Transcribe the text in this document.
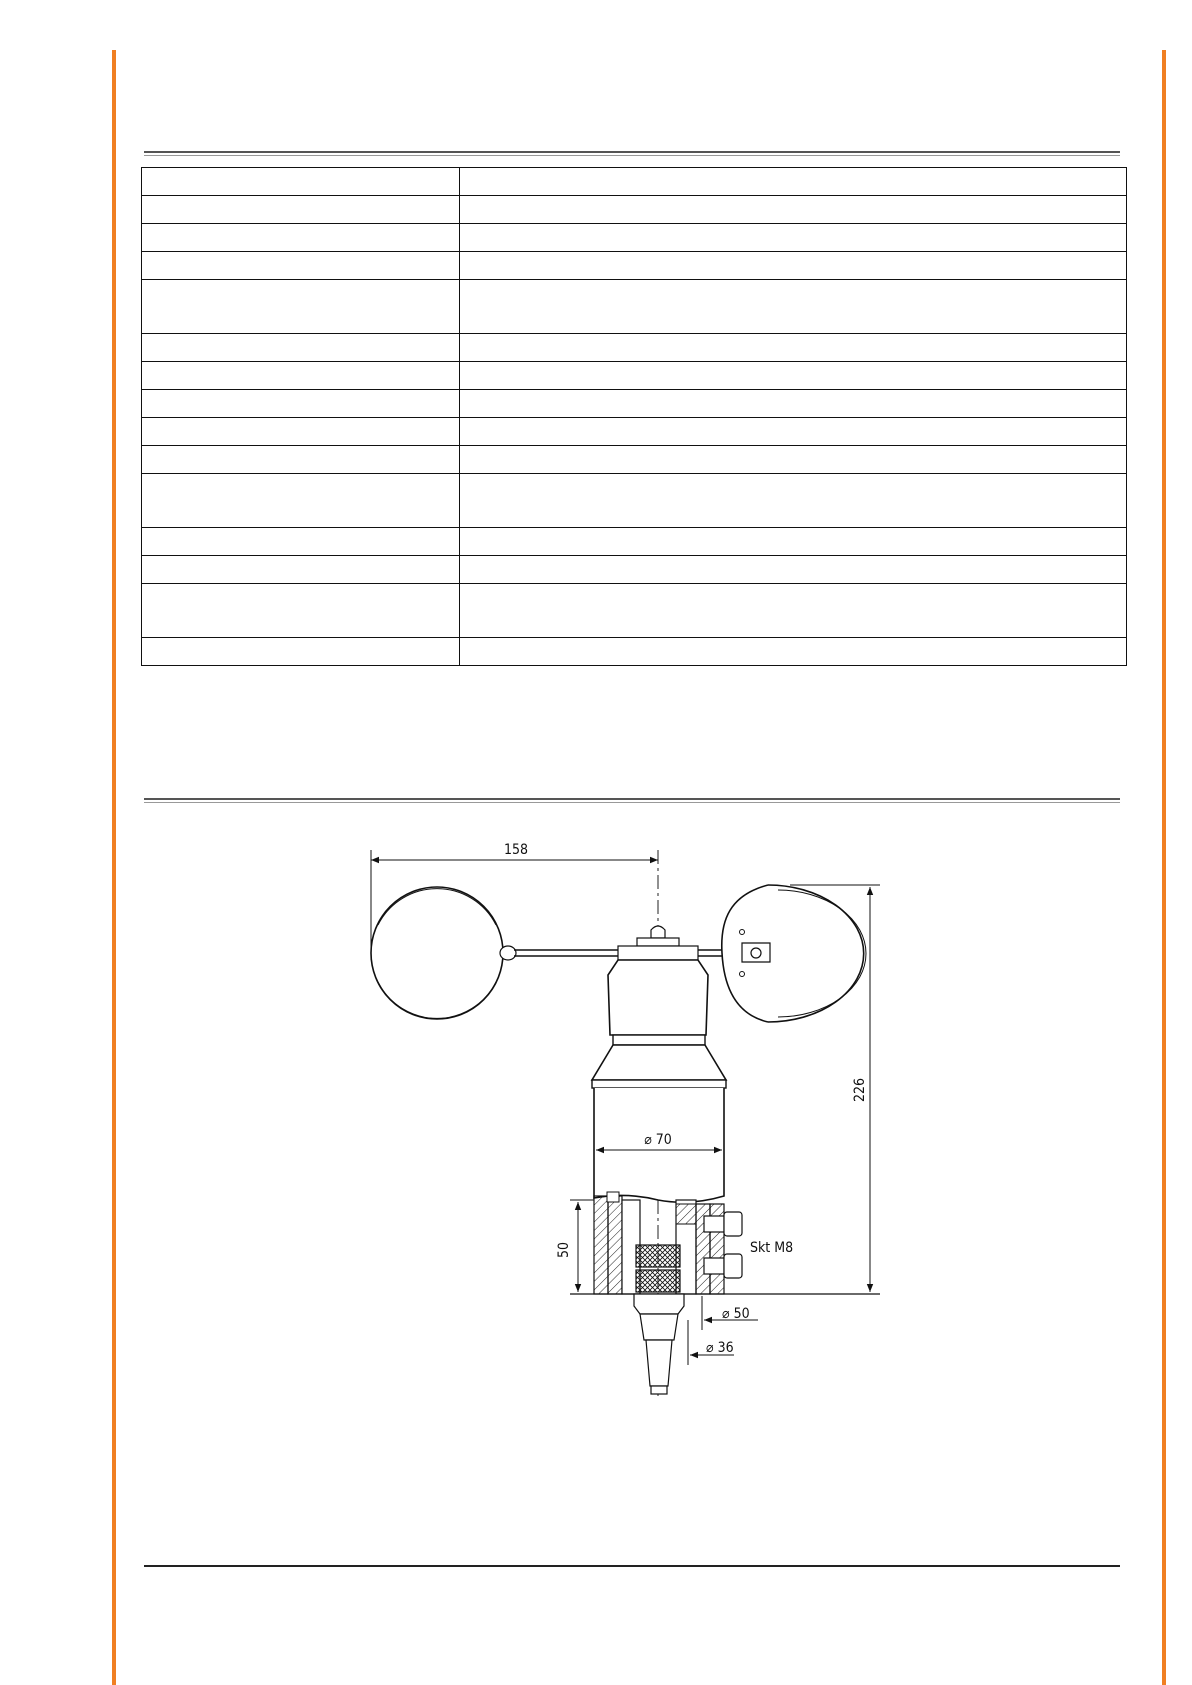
158
⌀ 70
Skt M8
50
226
⌀ 50
⌀ 36
